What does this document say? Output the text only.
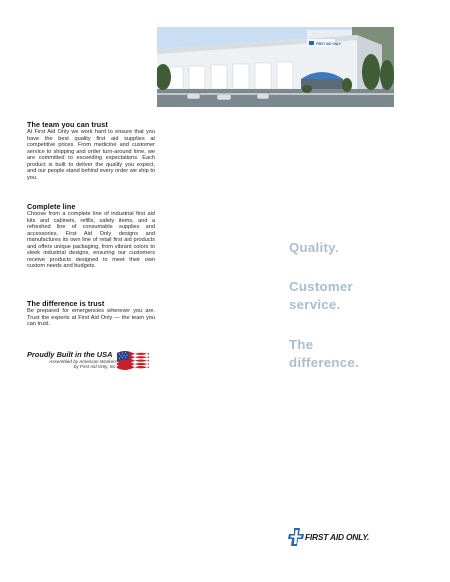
FIRST AID ONLY
The team you can trust
At First Aid Only we work hard to ensure that you have the best quality first aid supplies at competitive prices. From medicine and customer service to shipping and order turn-around time, we are committed to exceeding expectations. Each product is built to deliver the quality you expect, and our people stand behind every order we ship to you.
Complete line
Choose from a complete line of industrial first aid kits and cabinets, refills, safety items, and a refreshed line of consumable supplies and accessories. First Aid Only designs and manufactures its own line of retail first aid products and offers unique packaging, from vibrant colors to sleek industrial designs, ensuring our customers receive products designed to meet their own custom needs and budgets.
The difference is trust
Be prepared for emergencies wherever you are. Trust the experts at First Aid Only — the team you can trust.
Proudly Built in the USA
Assembled by American Workers
by First Aid Only, Inc.
Quality.
Customer
service.
The
difference.
FIRST AID ONLY.
